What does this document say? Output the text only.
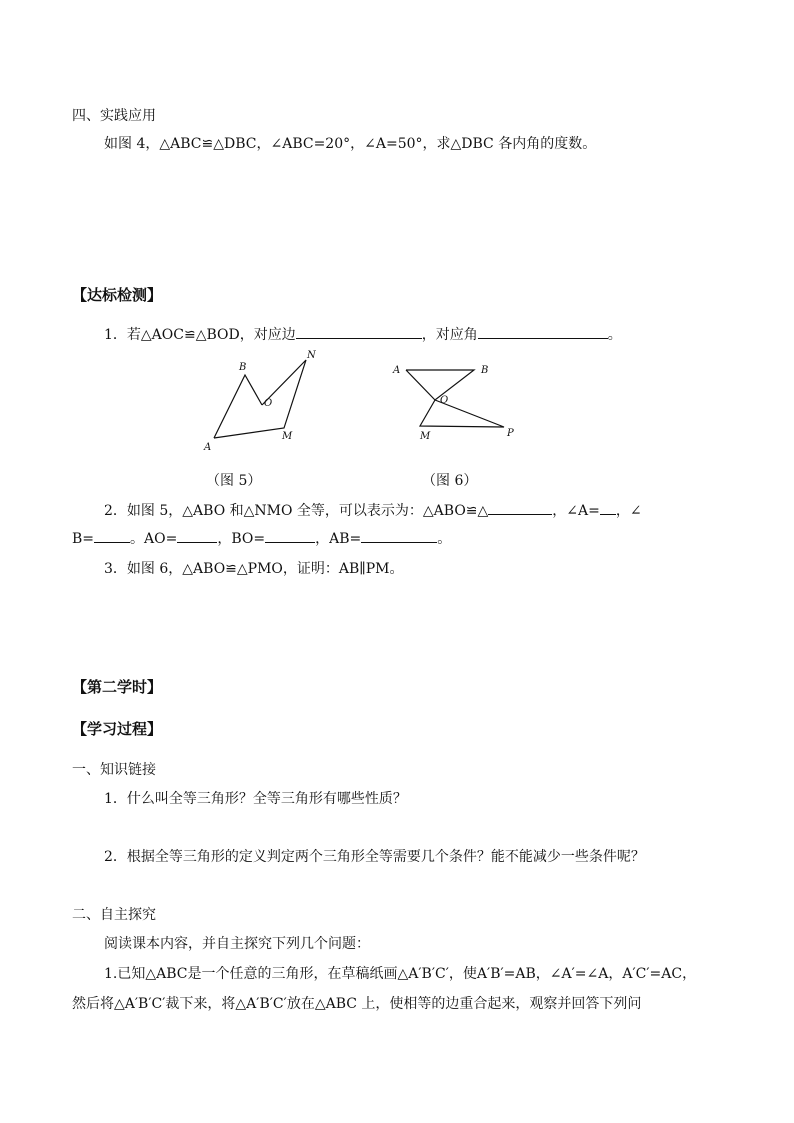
四、实践应用
如图 4，△ABC≌△DBC，∠ABC=20°，∠A=50°，求△DBC 各内角的度数。
【达标检测】
1．若△AOC≌△BOD，对应边	，对应角	。
A
B
O
M
N
（图 5）
A	B
O
M	P
（图 6）
2．如图 5，△ABO 和△NMO 全等，可以表示为：△ABO≌△	，∠A= ，∠
B=	。AO=	，BO=	，AB=	。
3．如图 6，△ABO≌△PMO，证明：AB∥PM。
【第二学时】
【学习过程】
一、知识链接
1．什么叫全等三角形？全等三角形有哪些性质？
2．根据全等三角形的定义判定两个三角形全等需要几个条件？能不能减少一些条件呢？
二、自主探究
阅读课本内容，并自主探究下列几个问题：
1.已知△ABC是一个任意的三角形，在草稿纸画△A′B′C′，使A′B′=AB，∠A′=∠A，A′C′=AC，
然后将△A′B′C′裁下来，将△A′B′C′放在△ABC 上，使相等的边重合起来，观察并回答下列问
